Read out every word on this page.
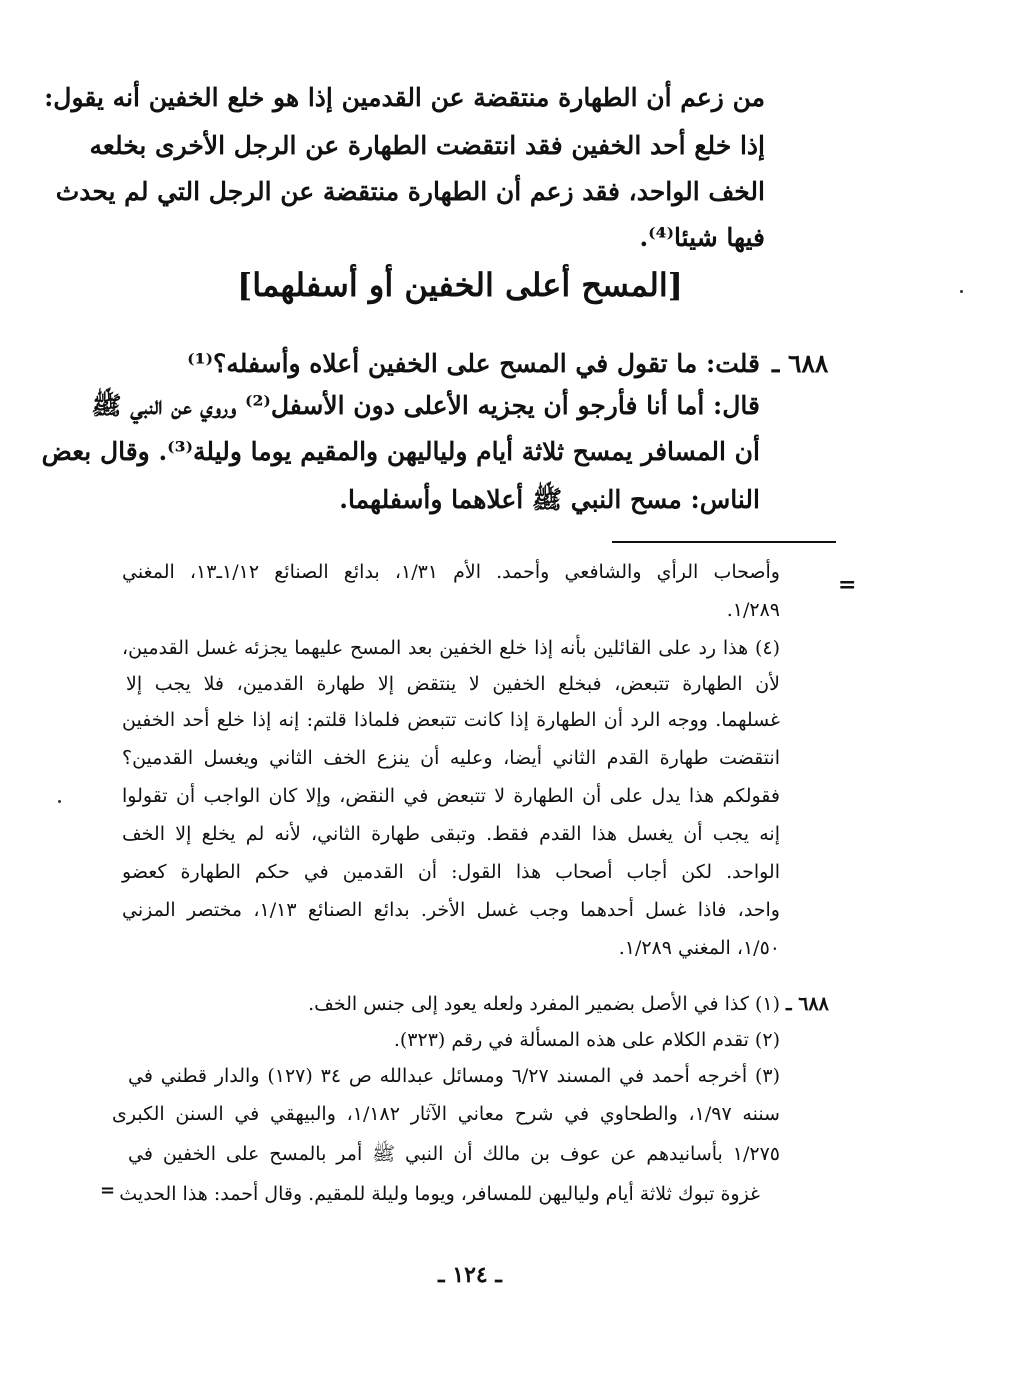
من زعم أن الطهارة منتقضة عن القدمين إذا هو خلع الخفين أنه يقول:
إذا خلع أحد الخفين فقد انتقضت الطهارة عن الرجل الأخرى بخلعه
الخف الواحد، فقد زعم أن الطهارة منتقضة عن الرجل التي لم يحدث
فيها شيئا⁽⁴⁾.
[المسح أعلى الخفين أو أسفلهما]
٦٨٨ ـ
قلت: ما تقول في المسح على الخفين أعلاه وأسفله؟⁽¹⁾
قال: أما أنا فأرجو أن يجزيه الأعلى دون الأسفل⁽²⁾ وروي عن النبي ﷺ
أن المسافر يمسح ثلاثة أيام ولياليهن والمقيم يوما وليلة⁽³⁾. وقال بعض
الناس: مسح النبي ﷺ أعلاهما وأسفلهما.
=
وأصحاب الرأي والشافعي وأحمد. الأم ١/٣١، بدائع الصنائع ١/١٢ـ١٣، المغني
١/٢٨٩.
(٤) هذا رد على القائلين بأنه إذا خلع الخفين بعد المسح عليهما يجزئه غسل القدمين،
لأن الطهارة تتبعض، فبخلع الخفين لا ينتقض إلا طهارة القدمين، فلا يجب إلا
غسلهما. ووجه الرد أن الطهارة إذا كانت تتبعض فلماذا قلتم: إنه إذا خلع أحد الخفين
انتقضت طهارة القدم الثاني أيضا، وعليه أن ينزع الخف الثاني ويغسل القدمين؟
فقولكم هذا يدل على أن الطهارة لا تتبعض في النقض، وإلا كان الواجب أن تقولوا
إنه يجب أن يغسل هذا القدم فقط. وتبقى طهارة الثاني، لأنه لم يخلع إلا الخف
الواحد. لكن أجاب أصحاب هذا القول: أن القدمين في حكم الطهارة كعضو
واحد، فاذا غسل أحدهما وجب غسل الأخر. بدائع الصنائع ١/١٣، مختصر المزني
١/٥٠، المغني ١/٢٨٩.
٦٨٨ ـ
(١) كذا في الأصل بضمير المفرد ولعله يعود إلى جنس الخف.
(٢) تقدم الكلام على هذه المسألة في رقم (٣٢٣).
(٣) أخرجه أحمد في المسند ٦/٢٧ ومسائل عبدالله ص ٣٤ (١٢٧) والدار قطني في
سننه ١/٩٧، والطحاوي في شرح معاني الآثار ١/١٨٢، والبيهقي في السنن الكبرى
١/٢٧٥ بأسانيدهم عن عوف بن مالك أن النبي ﷺ أمر بالمسح على الخفين في
غزوة تبوك ثلاثة أيام ولياليهن للمسافر، ويوما وليلة للمقيم. وقال أحمد: هذا الحديث
=
ـ ١٢٤ ـ
